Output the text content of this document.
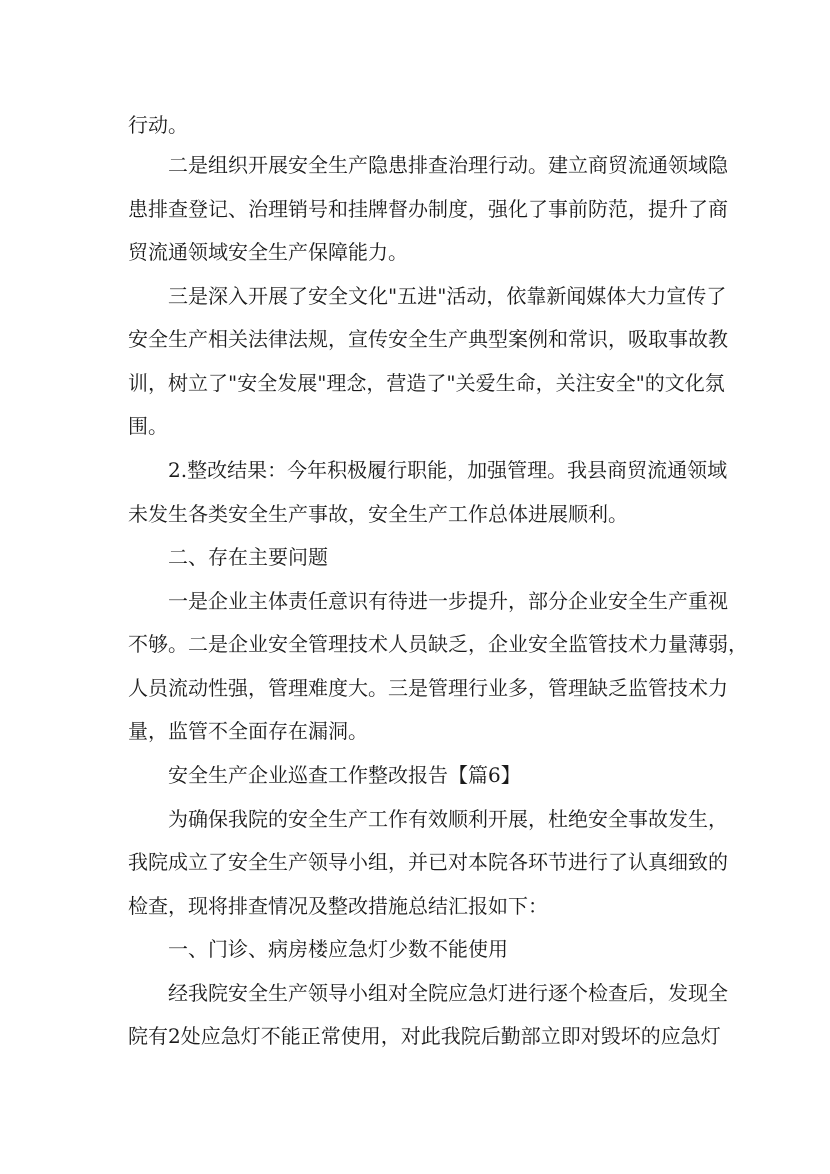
行动。
二是组织开展安全生产隐患排查治理行动。建立商贸流通领域隐
患排查登记、治理销号和挂牌督办制度，强化了事前防范，提升了商
贸流通领域安全生产保障能力。
三是深入开展了安全文化"五进"活动，依靠新闻媒体大力宣传了
安全生产相关法律法规，宣传安全生产典型案例和常识，吸取事故教
训，树立了"安全发展"理念，营造了"关爱生命，关注安全"的文化氛
围。
2.整改结果：今年积极履行职能，加强管理。我县商贸流通领域
未发生各类安全生产事故，安全生产工作总体进展顺利。
二、存在主要问题
一是企业主体责任意识有待进一步提升，部分企业安全生产重视
不够。二是企业安全管理技术人员缺乏，企业安全监管技术力量薄弱，
人员流动性强，管理难度大。三是管理行业多，管理缺乏监管技术力
量，监管不全面存在漏洞。
安全生产企业巡查工作整改报告【篇6】
为确保我院的安全生产工作有效顺利开展，杜绝安全事故发生，
我院成立了安全生产领导小组，并已对本院各环节进行了认真细致的
检查，现将排查情况及整改措施总结汇报如下：
一、门诊、病房楼应急灯少数不能使用
经我院安全生产领导小组对全院应急灯进行逐个检查后，发现全
院有2处应急灯不能正常使用，对此我院后勤部立即对毁坏的应急灯
